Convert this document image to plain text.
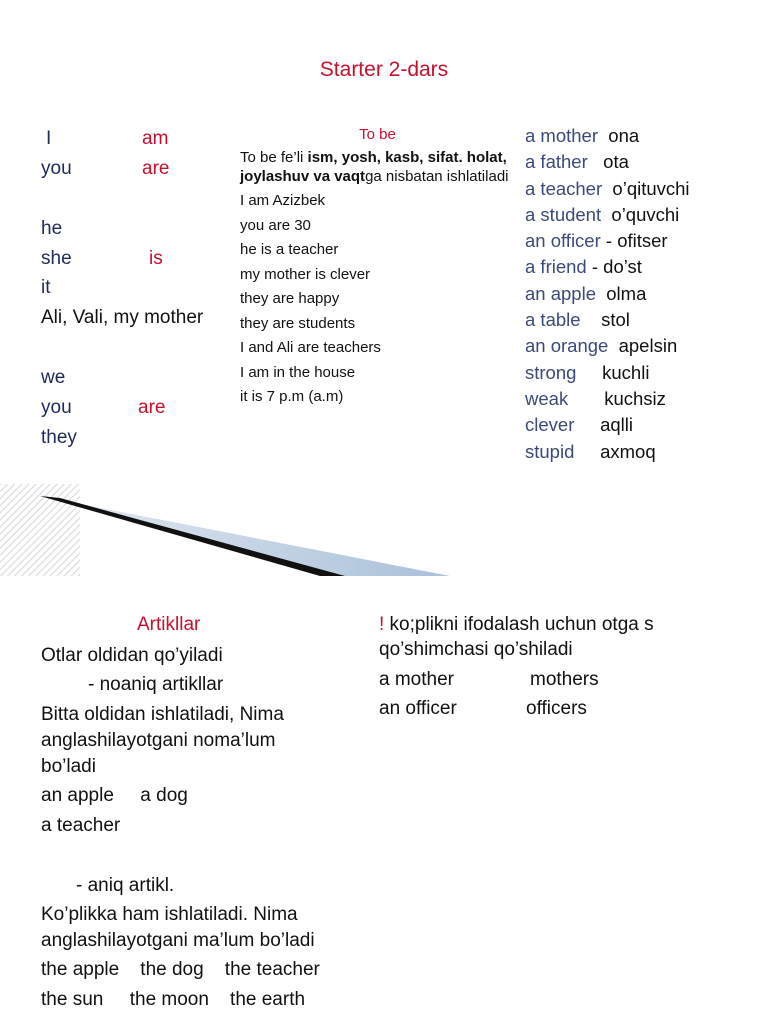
Starter 2-dars
I
you
he
she
it
Ali, Vali, my mother
we
you
they
am
are
is
are
To be
To be fe’li ism, yosh, kasb, sifat. holat, joylashuv va vaqtga nisbatan ishlatiladi
I am Azizbek
you are 30
he is a teacher
my mother is clever
they are happy
they are students
I and Ali are teachers
I am in the house
it is 7 p.m (a.m)
a mother ona
a father ota
a teacher o’qituvchi
a student o’quvchi
an officer - ofitser
a friend - do’st
an apple olma
a table stol
an orange apelsin
strong kuchli
weak kuchsiz
clever aqlli
stupid axmoq
Artikllar
Otlar oldidan qo’yiladi
- noaniq artikllar
Bitta oldidan ishlatiladi, Nima
anglashilayotgani noma’lum
bo’ladi
an apple     a dog
a teacher
- aniq artikl.
Ko’plikka ham ishlatiladi. Nima
anglashilayotgani ma’lum bo’ladi
the apple    the dog    the teacher
the sun     the moon    the earth
! ko;plikni ifodalash uchun otga s
qo’shimchasi qo’shiladi
a mother	mothers
an officer	officers
